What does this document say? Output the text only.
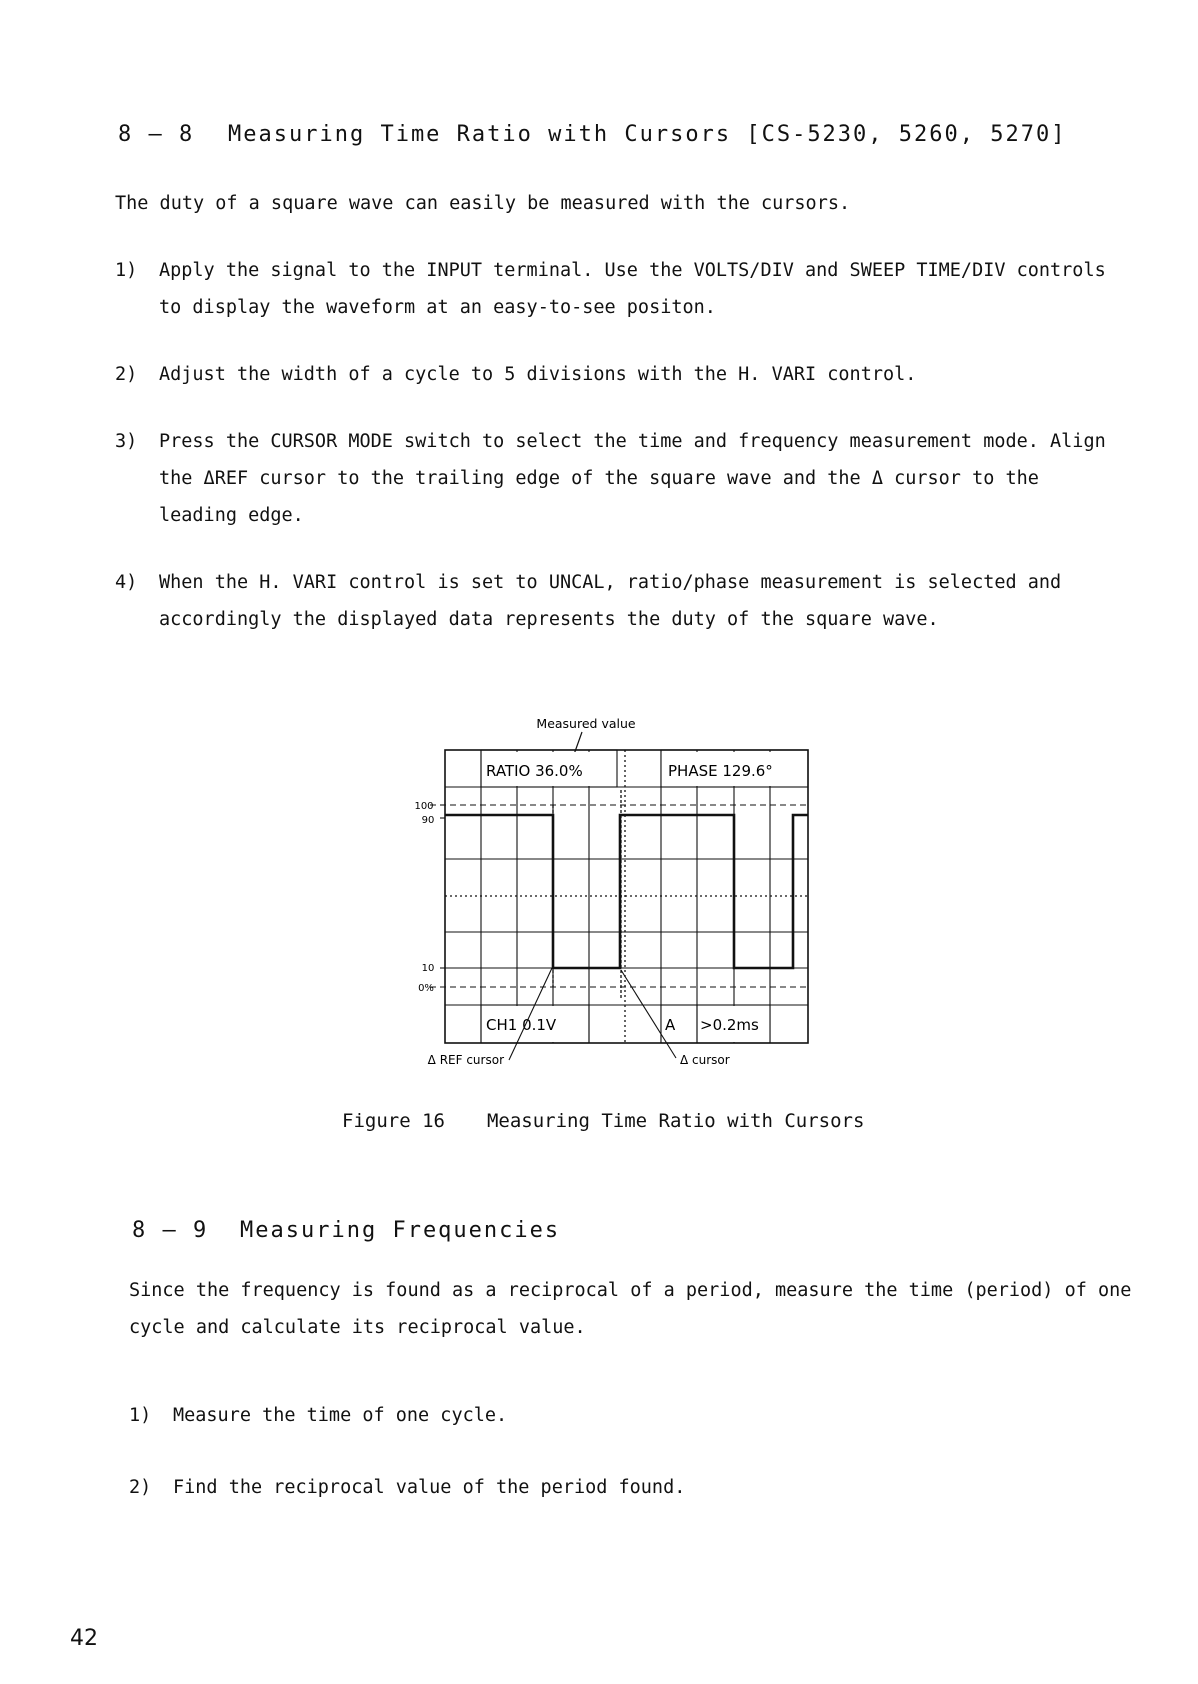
8 — 8 Measuring Time Ratio with Cursors [CS-5230, 5260, 5270]
The duty of a square wave can easily be measured with the cursors.
1) Apply the signal to the INPUT terminal. Use the VOLTS/DIV and SWEEP TIME/DIV controls
to display the waveform at an easy-to-see positon.
2) Adjust the width of a cycle to 5 divisions with the H. VARI control.
3) Press the CURSOR MODE switch to select the time and frequency measurement mode. Align
the ΔREF cursor to the trailing edge of the square wave and the Δ cursor to the
leading edge.
4) When the H. VARI control is set to UNCAL, ratio/phase measurement is selected and
accordingly the displayed data represents the duty of the square wave.
Measured value
RATIO 36.0%	PHASE 129.6°
CH1 0.1V	A >0.2ms
100
90
10
0%
Δ REF cursor	Δ cursor
Figure 16 Measuring Time Ratio with Cursors
8 — 9 Measuring Frequencies
Since the frequency is found as a reciprocal of a period, measure the time (period) of one
cycle and calculate its reciprocal value.
1) Measure the time of one cycle.
2) Find the reciprocal value of the period found.
42
